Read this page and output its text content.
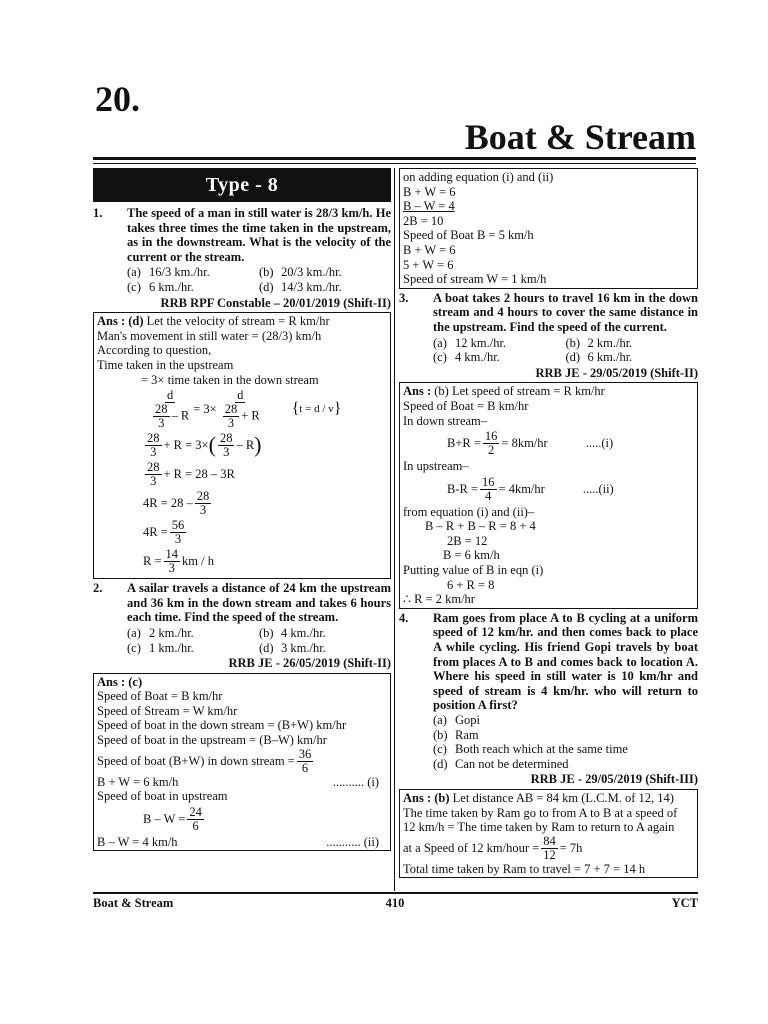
20.
Boat & Stream
Type - 8
1.	The speed of a man in still water is 28/3 km/h. He takes three times the time taken in the upstream, as in the downstream. What is the velocity of the current or the stream.
(a) 16/3 km./hr.	(b) 20/3 km./hr.
(c) 6 km./hr.	(d) 14/3 km./hr.
RRB RPF Constable – 20/01/2019 (Shift-II)
Ans : (d) Let the velocity of stream = R km/hr
Man's movement in still water = (28/3) km/h
According to question,
Time taken in the upstream
= 3× time taken in the down stream
$\frac{d}{\frac{28}{3} - R} = 3\times \frac{d}{\frac{28}{3} + R}$ { t = d / v }
$\frac{28}{3} + R = 3\times$ ( $\frac{28}{3}$ – R )
$\frac{28}{3} + R = 28 - 3R$
$4R = 28 - \frac{28}{3}$
$4R = \frac{56}{3}$
$R = \frac{14}{3}$ km / h
2.	A sailar travels a distance of 24 km the upstream and 36 km in the down stream and takes 6 hours each time. Find the speed of the stream.
(a) 2 km./hr.	(b) 4 km./hr.
(c) 1 km./hr.	(d) 3 km./hr.
RRB JE - 26/05/2019 (Shift-II)
Ans : (c)
Speed of Boat = B km/hr
Speed of Stream = W km/hr
Speed of boat in the down stream = (B+W) km/hr
Speed of boat in the upstream = (B–W) km/hr
Speed of boat (B+W) in down stream = $\frac{36}{6}$
B + W = 6 km/h	.......... (i)
Speed of boat in upstream
$B - W = \frac{24}{6}$
B – W = 4 km/h	........... (ii)
on adding equation (i) and (ii)
B + W = 6
B – W = 4
2B = 10
Speed of Boat B = 5 km/h
B + W = 6
5 + W = 6
Speed of stream W = 1 km/h
3.	A boat takes 2 hours to travel 16 km in the down stream and 4 hours to cover the same distance in the upstream. Find the speed of the current.
(a) 12 km./hr.	(b) 2 km./hr.
(c) 4 km./hr.	(d) 6 km./hr.
RRB JE - 29/05/2019 (Shift-II)
Ans : (b) Let speed of stream = R km/hr
Speed of Boat = B km/hr
In down stream–
$B+R = \frac{16}{2} = 8km/hr$	.....(i)
In upstream–
$B-R = \frac{16}{4} = 4km/hr$	.....(ii)
from equation (i) and (ii)–
B – R + B – R = 8 + 4
2B = 12
B = 6 km/h
Putting value of B in eqn (i)
6 + R = 8
∴ R = 2 km/hr
4.	Ram goes from place A to B cycling at a uniform speed of 12 km/hr. and then comes back to place A while cycling. His friend Gopi travels by boat from places A to B and comes back to location A. Where his speed in still water is 10 km/hr and speed of stream is 4 km/hr. who will return to position A first?
(a) Gopi
(b) Ram
(c) Both reach which at the same time
(d) Can not be determined
RRB JE - 29/05/2019 (Shift-III)
Ans : (b) Let distance AB = 84 km (L.C.M. of 12, 14)
The time taken by Ram go to from A to B at a speed of
12 km/h = The time taken by Ram to return to A again
at a Speed of 12 km/hour = $\frac{84}{12} = 7h$
Total time taken by Ram to travel = 7 + 7 = 14 h
Boat & Stream	410	YCT
